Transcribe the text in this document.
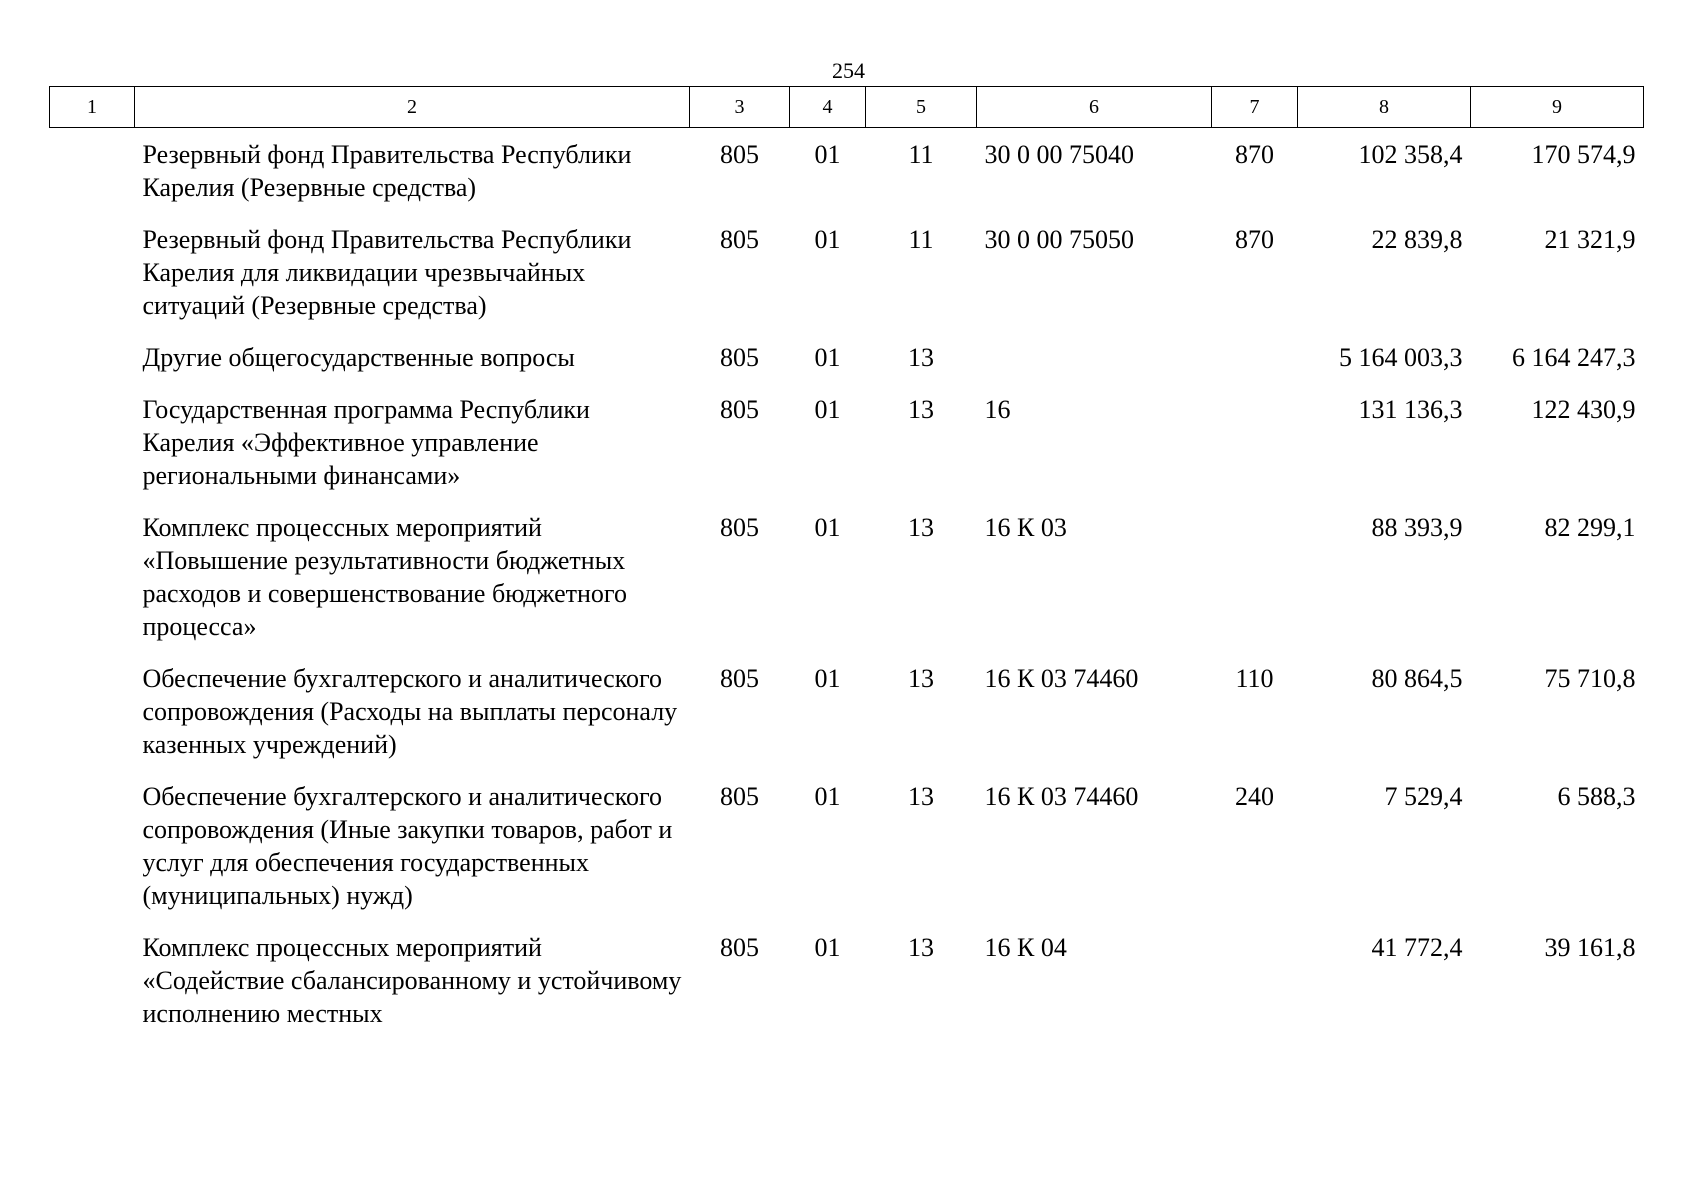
254
1	2	3	4	5	6	7	8	9
	Резервный фонд Правительства Республики Карелия (Резервные средства)	805	01	11	30 0 00 75040	870	102 358,4	170 574,9
	Резервный фонд Правительства Республики Карелия для ликвидации чрезвычайных ситуаций (Резервные средства)	805	01	11	30 0 00 75050	870	22 839,8	21 321,9
	Другие общегосударственные вопросы	805	01	13			5 164 003,3	6 164 247,3
	Государственная программа Республики Карелия «Эффективное управление региональными финансами»	805	01	13	16		131 136,3	122 430,9
	Комплекс процессных мероприятий «Повышение результативности бюджетных расходов и совершенствование бюджетного процесса»	805	01	13	16 К 03		88 393,9	82 299,1
	Обеспечение бухгалтерского и аналитического сопровождения (Расходы на выплаты персоналу казенных учреждений)	805	01	13	16 К 03 74460	110	80 864,5	75 710,8
	Обеспечение бухгалтерского и аналитического сопровождения (Иные закупки товаров, работ и услуг для обеспечения государственных (муниципальных) нужд)	805	01	13	16 К 03 74460	240	7 529,4	6 588,3
	Комплекс процессных мероприятий «Содействие сбалансированному и устойчивому исполнению местных	805	01	13	16 К 04		41 772,4	39 161,8
